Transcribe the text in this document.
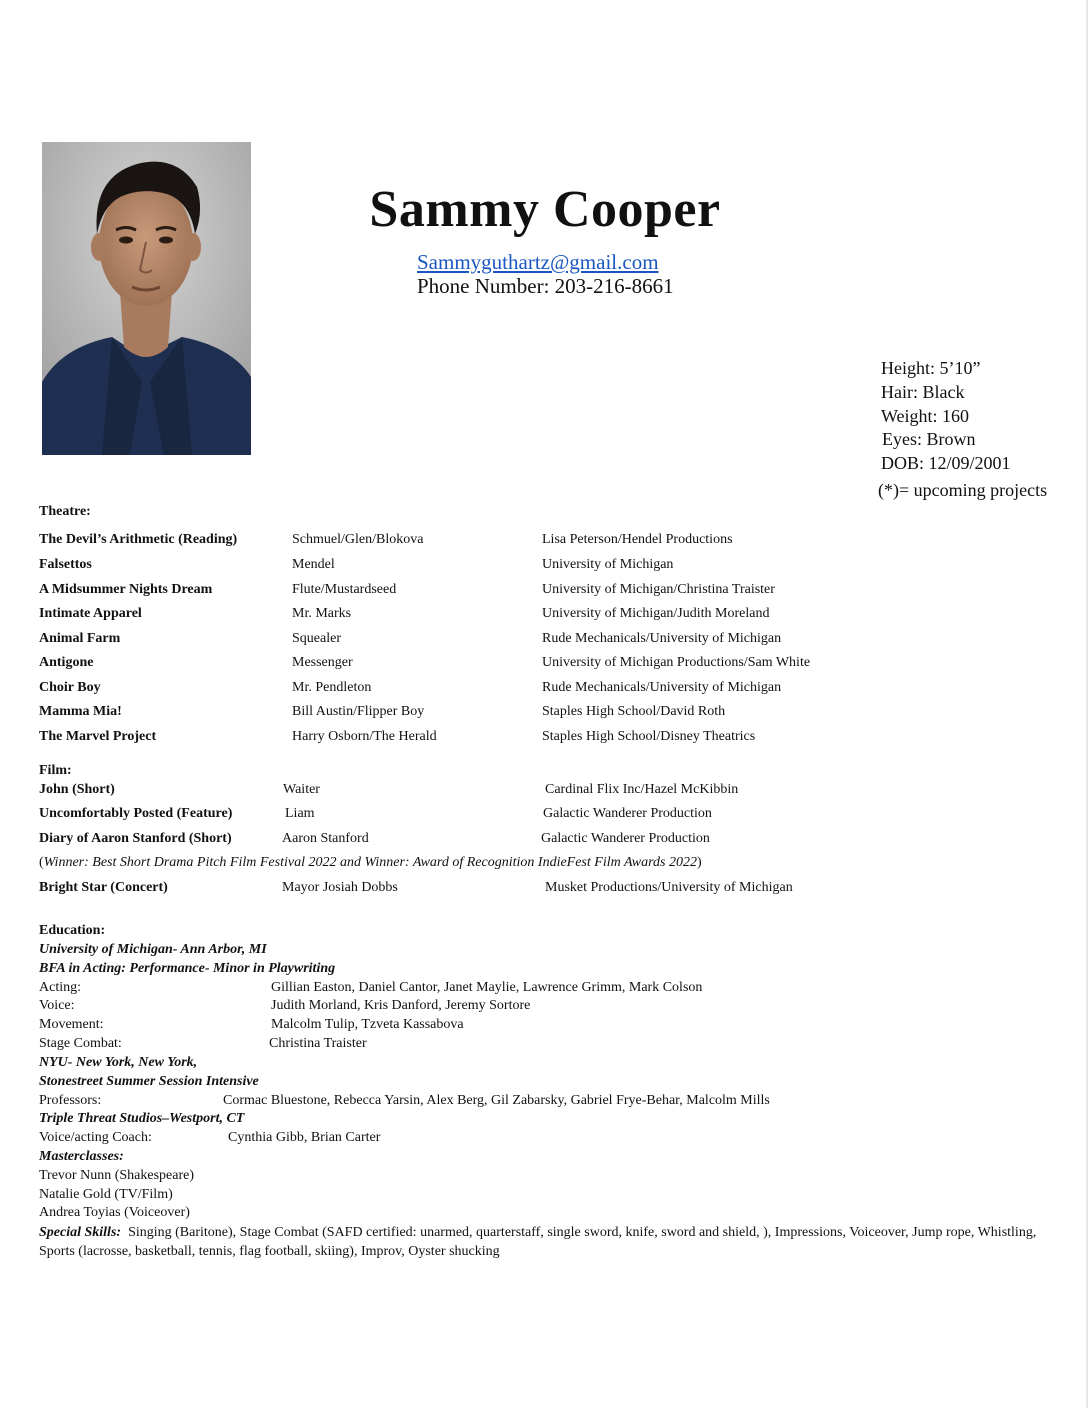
Sammy Cooper
Sammyguthartz@gmail.com
Phone Number: 203-216-8661
Height: 5’10”
Hair: Black
Weight: 160
Eyes: Brown
DOB: 12/09/2001
(*)= upcoming projects
Theatre:
The Devil’s Arithmetic (Reading)	Schmuel/Glen/Blokova	Lisa Peterson/Hendel Productions
Falsettos	Mendel	University of Michigan
A Midsummer Nights Dream	Flute/Mustardseed	University of Michigan/Christina Traister
Intimate Apparel	Mr. Marks	University of Michigan/Judith Moreland
Animal Farm	Squealer	Rude Mechanicals/University of Michigan
Antigone	Messenger	University of Michigan Productions/Sam White
Choir Boy	Mr. Pendleton	Rude Mechanicals/University of Michigan
Mamma Mia!	Bill Austin/Flipper Boy	Staples High School/David Roth
The Marvel Project	Harry Osborn/The Herald	Staples High School/Disney Theatrics
Film:
John (Short)	Waiter	Cardinal Flix Inc/Hazel McKibbin
Uncomfortably Posted (Feature)	Liam	Galactic Wanderer Production
Diary of Aaron Stanford (Short)	Aaron Stanford	Galactic Wanderer Production
(Winner: Best Short Drama Pitch Film Festival 2022 and Winner: Award of Recognition IndieFest Film Awards 2022)
Bright Star (Concert)	Mayor Josiah Dobbs	Musket Productions/University of Michigan
Education:
University of Michigan- Ann Arbor, MI
BFA in Acting: Performance- Minor in Playwriting
Acting:	Gillian Easton, Daniel Cantor, Janet Maylie, Lawrence Grimm, Mark Colson
Voice:	Judith Morland, Kris Danford, Jeremy Sortore
Movement:	Malcolm Tulip, Tzveta Kassabova
Stage Combat:	Christina Traister
NYU- New York, New York,
Stonestreet Summer Session Intensive
Professors:	Cormac Bluestone, Rebecca Yarsin, Alex Berg, Gil Zabarsky, Gabriel Frye-Behar, Malcolm Mills
Triple Threat Studios–Westport, CT
Voice/acting Coach:	Cynthia Gibb, Brian Carter
Masterclasses:
Trevor Nunn (Shakespeare)
Natalie Gold (TV/Film)
Andrea Toyias (Voiceover)
Special Skills: Singing (Baritone), Stage Combat (SAFD certified: unarmed, quarterstaff, single sword, knife, sword and shield, ), Impressions, Voiceover, Jump rope, Whistling, Sports (lacrosse, basketball, tennis, flag football, skiing), Improv, Oyster shucking
